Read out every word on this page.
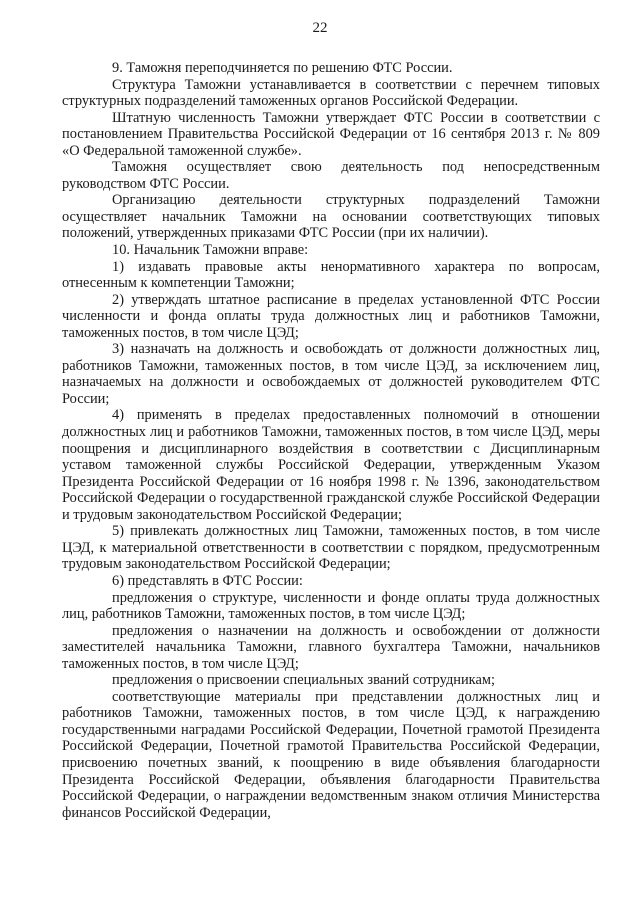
22

9. Таможня переподчиняется по решению ФТС России.

Структура Таможни устанавливается в соответствии с перечнем типовых структурных подразделений таможенных органов Российской Федерации.

Штатную численность Таможни утверждает ФТС России в соответствии с постановлением Правительства Российской Федерации от 16 сентября 2013 г. № 809 «О Федеральной таможенной службе».

Таможня осуществляет свою деятельность под непосредственным руководством ФТС России.

Организацию деятельности структурных подразделений Таможни осуществляет начальник Таможни на основании соответствующих типовых положений, утвержденных приказами ФТС России (при их наличии).

10. Начальник Таможни вправе:

1) издавать правовые акты ненормативного характера по вопросам, отнесенным к компетенции Таможни;

2) утверждать штатное расписание в пределах установленной ФТС России численности и фонда оплаты труда должностных лиц и работников Таможни, таможенных постов, в том числе ЦЭД;

3) назначать на должность и освобождать от должности должностных лиц, работников Таможни, таможенных постов, в том числе ЦЭД, за исключением лиц, назначаемых на должности и освобождаемых от должностей руководителем ФТС России;

4) применять в пределах предоставленных полномочий в отношении должностных лиц и работников Таможни, таможенных постов, в том числе ЦЭД, меры поощрения и дисциплинарного воздействия в соответствии с Дисциплинарным уставом таможенной службы Российской Федерации, утвержденным Указом Президента Российской Федерации от 16 ноября 1998 г. № 1396, законодательством Российской Федерации о государственной гражданской службе Российской Федерации и трудовым законодательством Российской Федерации;

5) привлекать должностных лиц Таможни, таможенных постов, в том числе ЦЭД, к материальной ответственности в соответствии с порядком, предусмотренным трудовым законодательством Российской Федерации;

6) представлять в ФТС России:

предложения о структуре, численности и фонде оплаты труда должностных лиц, работников Таможни, таможенных постов, в том числе ЦЭД;

предложения о назначении на должность и освобождении от должности заместителей начальника Таможни, главного бухгалтера Таможни, начальников таможенных постов, в том числе ЦЭД;

предложения о присвоении специальных званий сотрудникам;

соответствующие материалы при представлении должностных лиц и работников Таможни, таможенных постов, в том числе ЦЭД, к награждению государственными наградами Российской Федерации, Почетной грамотой Президента Российской Федерации, Почетной грамотой Правительства Российской Федерации, присвоению почетных званий, к поощрению в виде объявления благодарности Президента Российской Федерации, объявления благодарности Правительства Российской Федерации, о награждении ведомственным знаком отличия Министерства финансов Российской Федерации,
